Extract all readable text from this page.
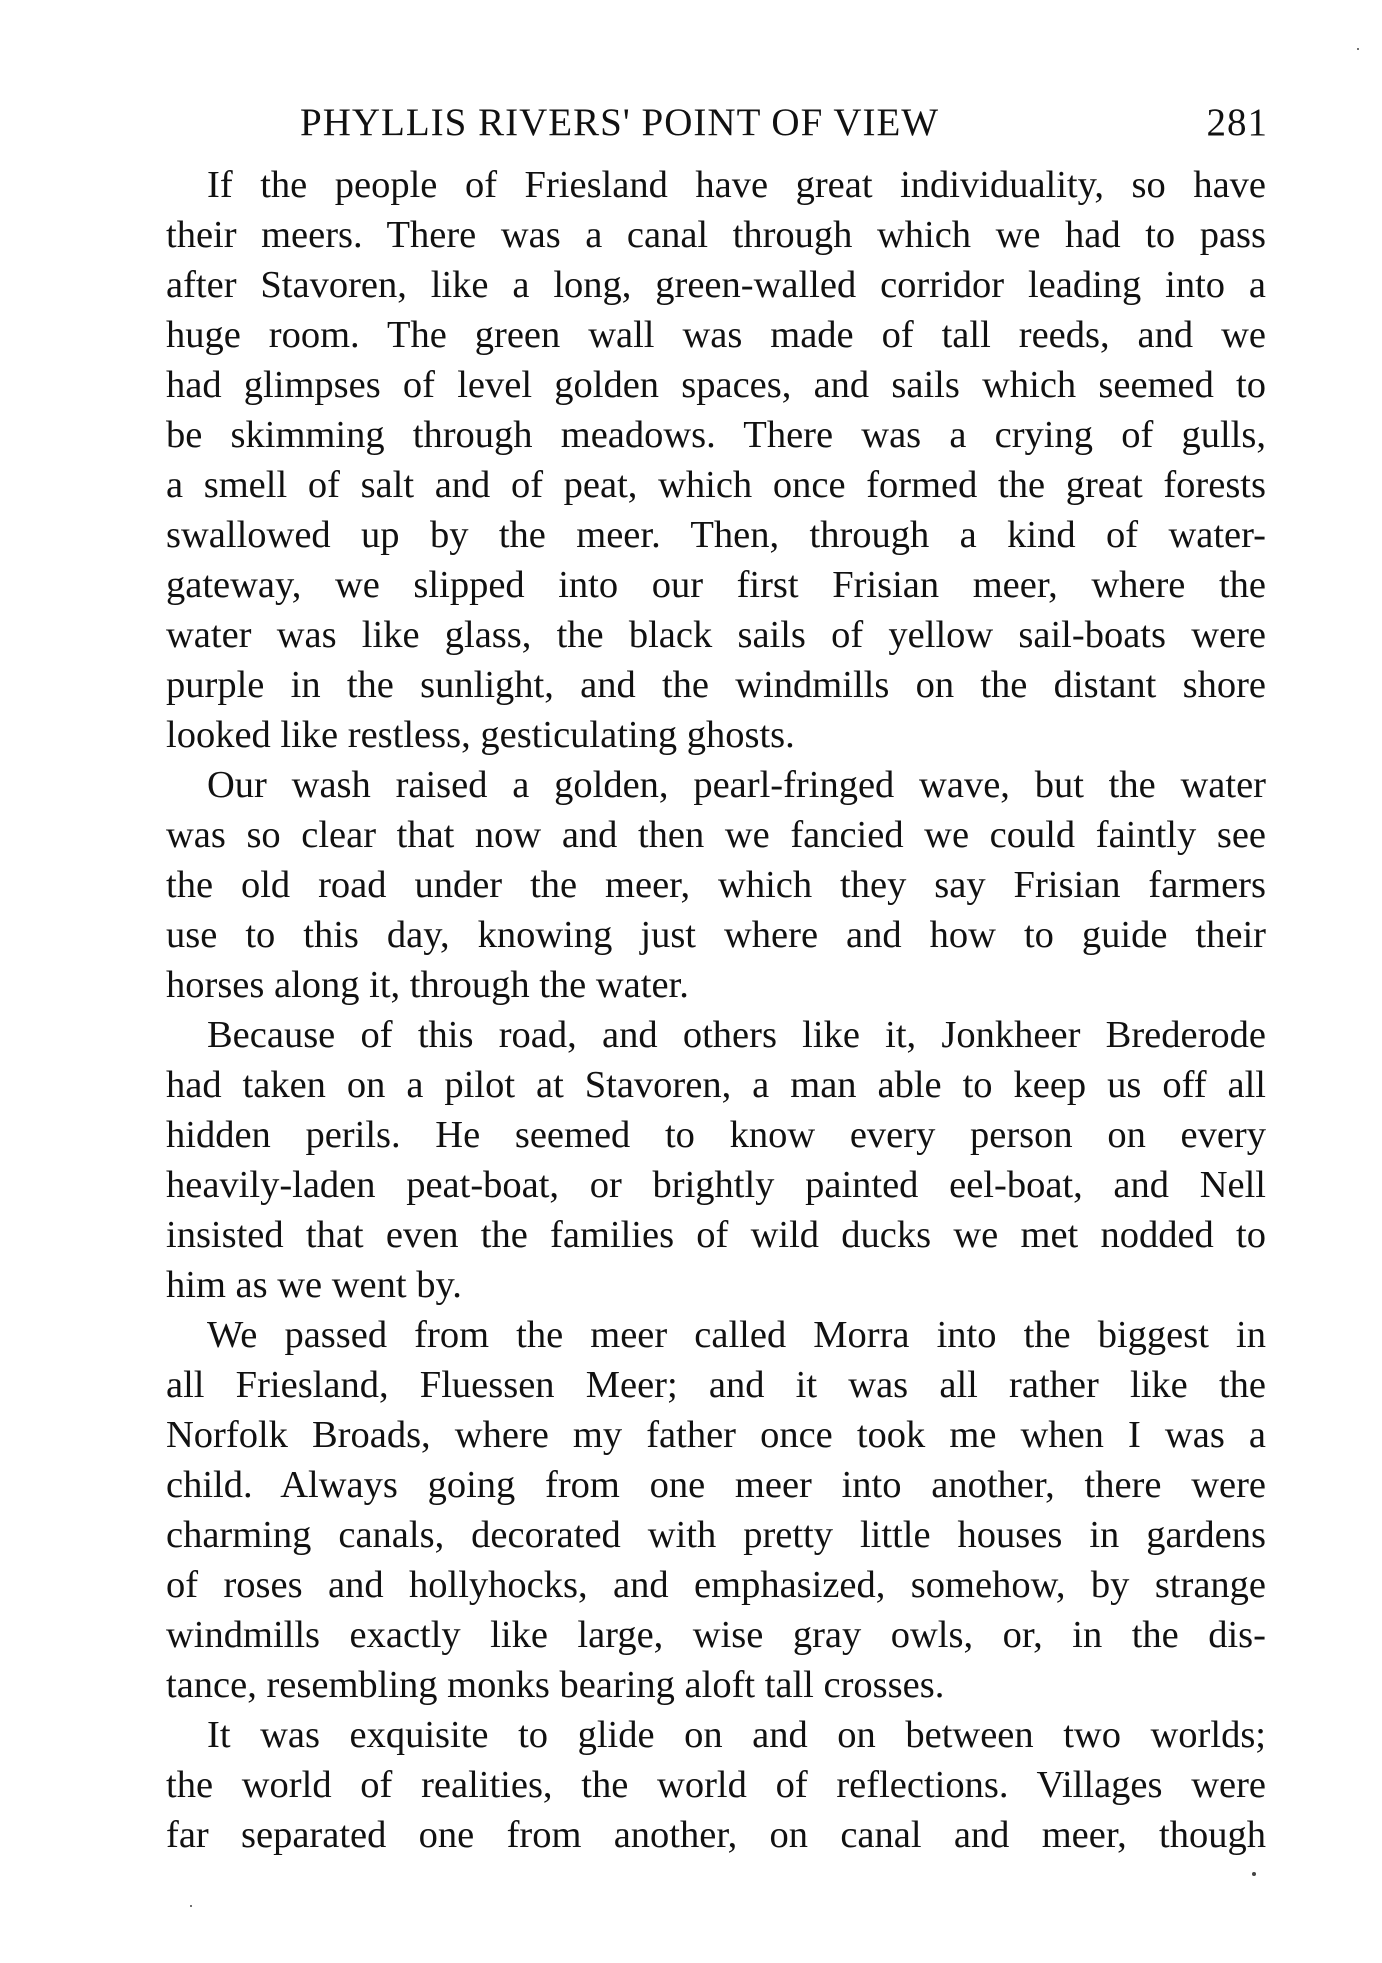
PHYLLIS RIVERS' POINT OF VIEW	281

If the people of Friesland have great individuality, so have
their meers. There was a canal through which we had to pass
after Stavoren, like a long, green-walled corridor leading into a
huge room. The green wall was made of tall reeds, and we
had glimpses of level golden spaces, and sails which seemed to
be skimming through meadows. There was a crying of gulls,
a smell of salt and of peat, which once formed the great forests
swallowed up by the meer. Then, through a kind of water-
gateway, we slipped into our first Frisian meer, where the
water was like glass, the black sails of yellow sail-boats were
purple in the sunlight, and the windmills on the distant shore
looked like restless, gesticulating ghosts.

Our wash raised a golden, pearl-fringed wave, but the water
was so clear that now and then we fancied we could faintly see
the old road under the meer, which they say Frisian farmers
use to this day, knowing just where and how to guide their
horses along it, through the water.

Because of this road, and others like it, Jonkheer Brederode
had taken on a pilot at Stavoren, a man able to keep us off all
hidden perils. He seemed to know every person on every
heavily-laden peat-boat, or brightly painted eel-boat, and Nell
insisted that even the families of wild ducks we met nodded to
him as we went by.

We passed from the meer called Morra into the biggest in
all Friesland, Fluessen Meer; and it was all rather like the
Norfolk Broads, where my father once took me when I was a
child. Always going from one meer into another, there were
charming canals, decorated with pretty little houses in gardens
of roses and hollyhocks, and emphasized, somehow, by strange
windmills exactly like large, wise gray owls, or, in the dis-
tance, resembling monks bearing aloft tall crosses.

It was exquisite to glide on and on between two worlds;
the world of realities, the world of reflections. Villages were
far separated one from another, on canal and meer, though
